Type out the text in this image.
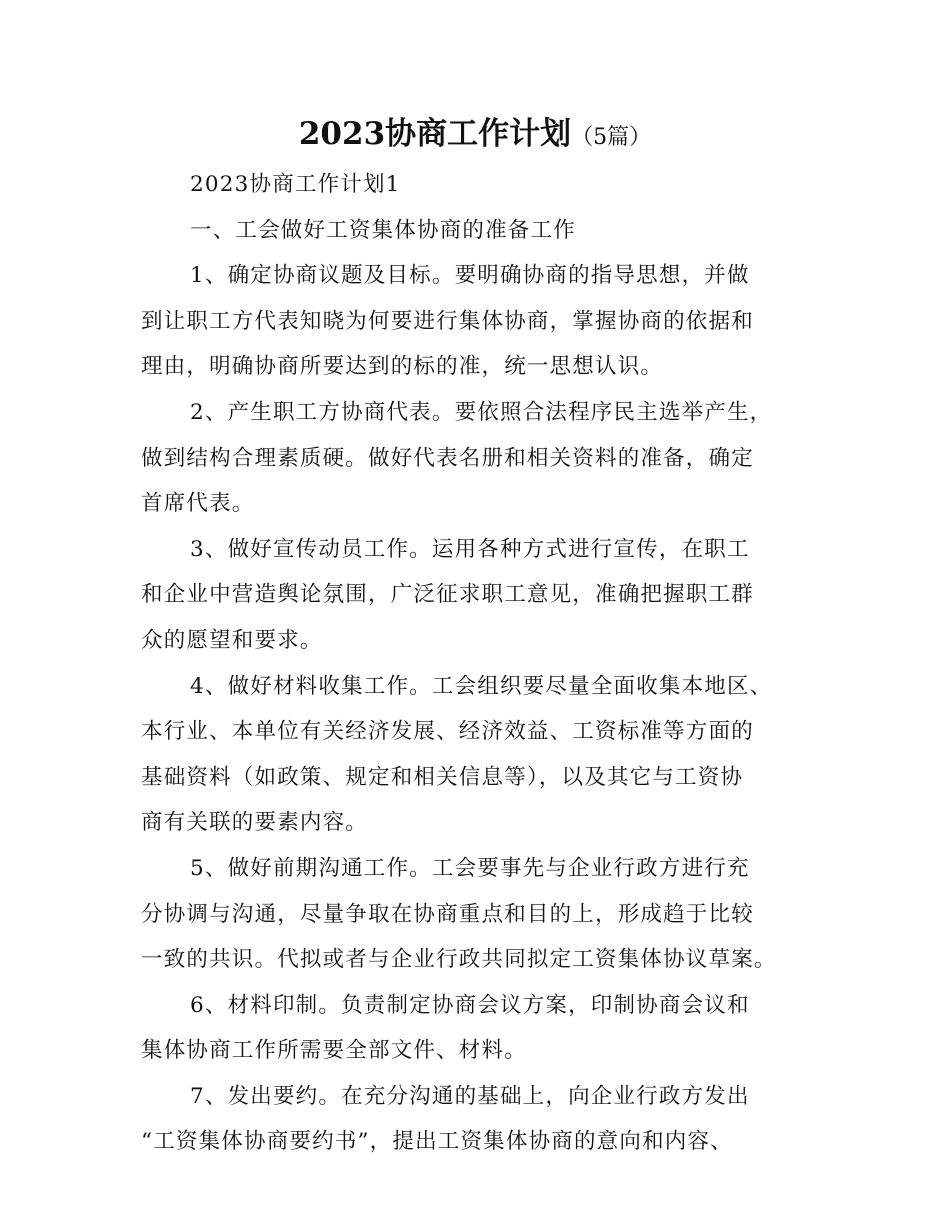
2023协商工作计划（5篇）
2023协商工作计划1
一、工会做好工资集体协商的准备工作
1、确定协商议题及目标。要明确协商的指导思想，并做
到让职工方代表知晓为何要进行集体协商，掌握协商的依据和
理由，明确协商所要达到的标的准，统一思想认识。
2、产生职工方协商代表。要依照合法程序民主选举产生，
做到结构合理素质硬。做好代表名册和相关资料的准备，确定
首席代表。
3、做好宣传动员工作。运用各种方式进行宣传，在职工
和企业中营造舆论氛围，广泛征求职工意见，准确把握职工群
众的愿望和要求。
4、做好材料收集工作。工会组织要尽量全面收集本地区、
本行业、本单位有关经济发展、经济效益、工资标准等方面的
基础资料（如政策、规定和相关信息等），以及其它与工资协
商有关联的要素内容。
5、做好前期沟通工作。工会要事先与企业行政方进行充
分协调与沟通，尽量争取在协商重点和目的上，形成趋于比较
一致的共识。代拟或者与企业行政共同拟定工资集体协议草案。
6、材料印制。负责制定协商会议方案，印制协商会议和
集体协商工作所需要全部文件、材料。
7、发出要约。在充分沟通的基础上，向企业行政方发出
“工资集体协商要约书”，提出工资集体协商的意向和内容、
